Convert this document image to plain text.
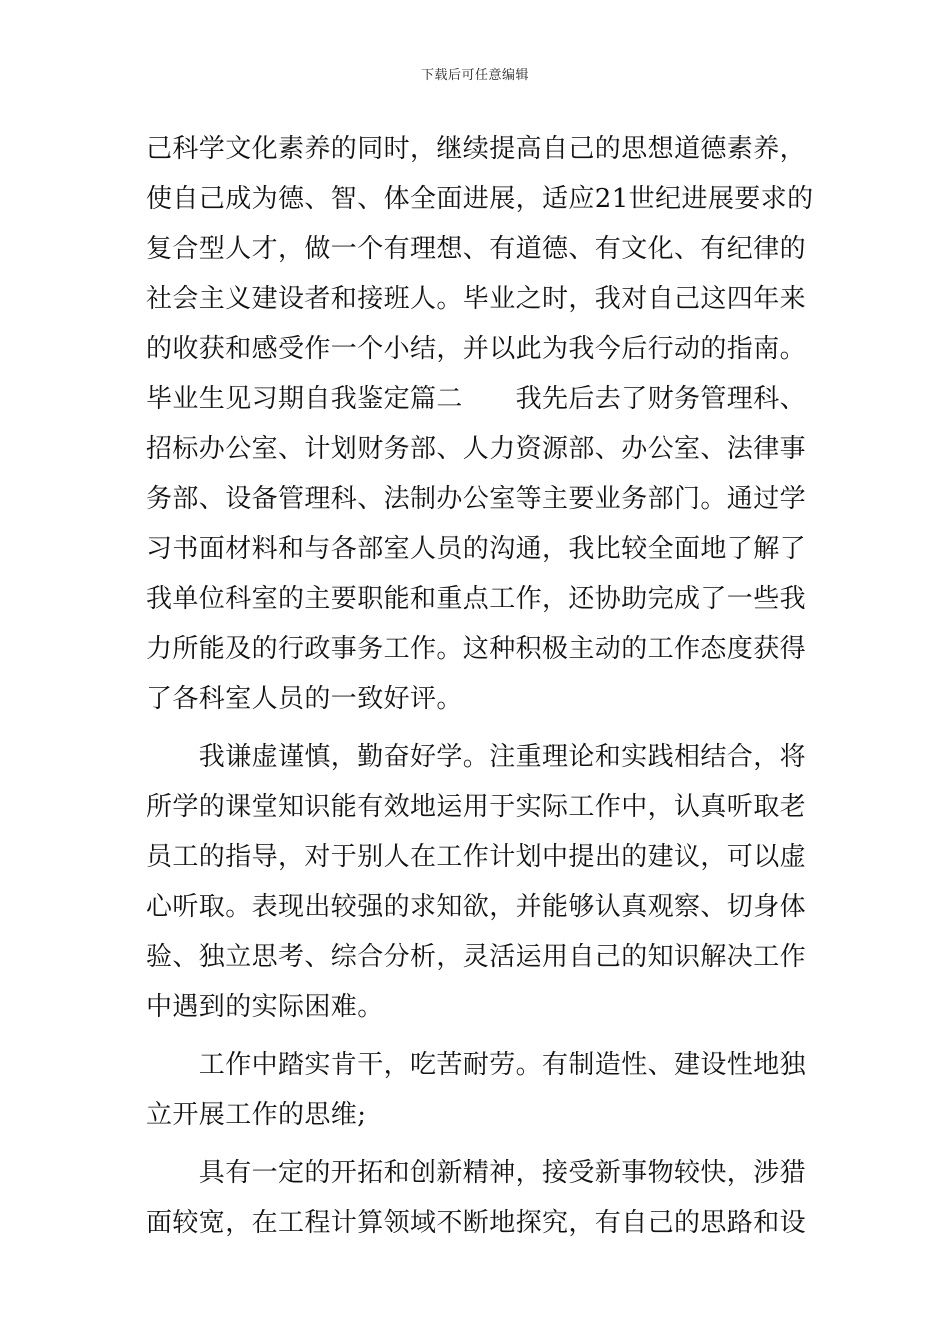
下载后可任意编辑
己科学文化素养的同时，继续提高自己的思想道德素养，
使自己成为德、智、体全面进展，适应21世纪进展要求的
复合型人才，做一个有理想、有道德、有文化、有纪律的
社会主义建设者和接班人。毕业之时，我对自己这四年来
的收获和感受作一个小结，并以此为我今后行动的指南。
毕业生见习期自我鉴定篇二　　我先后去了财务管理科、
招标办公室、计划财务部、人力资源部、办公室、法律事
务部、设备管理科、法制办公室等主要业务部门。通过学
习书面材料和与各部室人员的沟通，我比较全面地了解了
我单位科室的主要职能和重点工作，还协助完成了一些我
力所能及的行政事务工作。这种积极主动的工作态度获得
了各科室人员的一致好评。
　　我谦虚谨慎，勤奋好学。注重理论和实践相结合，将
所学的课堂知识能有效地运用于实际工作中，认真听取老
员工的指导，对于别人在工作计划中提出的建议，可以虚
心听取。表现出较强的求知欲，并能够认真观察、切身体
验、独立思考、综合分析，灵活运用自己的知识解决工作
中遇到的实际困难。
　　工作中踏实肯干，吃苦耐劳。有制造性、建设性地独
立开展工作的思维;
　　具有一定的开拓和创新精神，接受新事物较快，涉猎
面较宽，在工程计算领域不断地探究，有自己的思路和设
